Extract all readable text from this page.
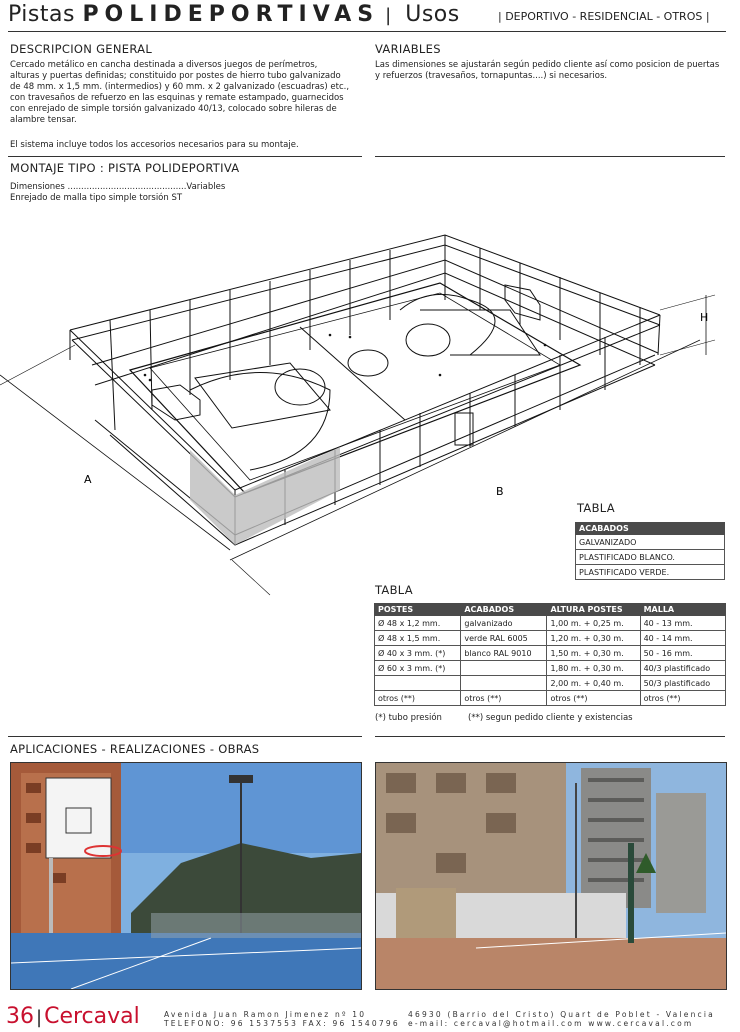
Pistas POLIDEPORTIVAS | Usos	| DEPORTIVO - RESIDENCIAL - OTROS |
DESCRIPCION GENERAL
Cercado metálico en cancha destinada a diversos juegos de perímetros,
alturas y puertas definidas; constituido por postes de hierro tubo galvanizado
de 48 mm. x 1,5 mm. (intermedios) y 60 mm. x 2 galvanizado (escuadras) etc.,
con travesaños de refuerzo en las esquinas y remate estampado, guarnecidos
con enrejado de simple torsión galvanizado 40/13, colocado sobre hileras de
alambre tensar.
El sistema incluye todos los accesorios necesarios para su montaje.
VARIABLES
Las dimensiones se ajustarán según pedido cliente así como posicion de puertas
y refuerzos (travesaños, tornapuntas....) si necesarios.
MONTAJE TIPO : PISTA POLIDEPORTIVA
Dimensiones ............................................Variables
Enrejado de malla tipo simple torsión ST
A
B
H
TABLA
ACABADOS
GALVANIZADO
PLASTIFICADO BLANCO.
PLASTIFICADO VERDE.
TABLA
POSTES	ACABADOS	ALTURA POSTES	MALLA
Ø 48 x 1,2 mm.	galvanizado	1,00 m. + 0,25 m.	40 - 13 mm.
Ø 48 x 1,5 mm.	verde RAL 6005	1,20 m. + 0,30 m.	40 - 14 mm.
Ø 40 x 3 mm. (*)	blanco RAL 9010	1,50 m. + 0,30 m.	50 - 16 mm.
Ø 60 x 3 mm. (*)		1,80 m. + 0,30 m.	40/3 plastificado
		2,00 m. + 0,40 m.	50/3 plastificado
otros (**)	otros (**)	otros (**)	otros (**)
(*) tubo presión	(**) segun pedido cliente y existencias
APLICACIONES - REALIZACIONES - OBRAS
36 |Cercaval	Avenida Juan Ramon Jimenez nº 10
TELEFONO: 96 1537553 FAX: 96 1540796
46930 (Barrio del Cristo) Quart de Poblet - Valencia
e-mail: cercaval@hotmail.com www.cercaval.com
